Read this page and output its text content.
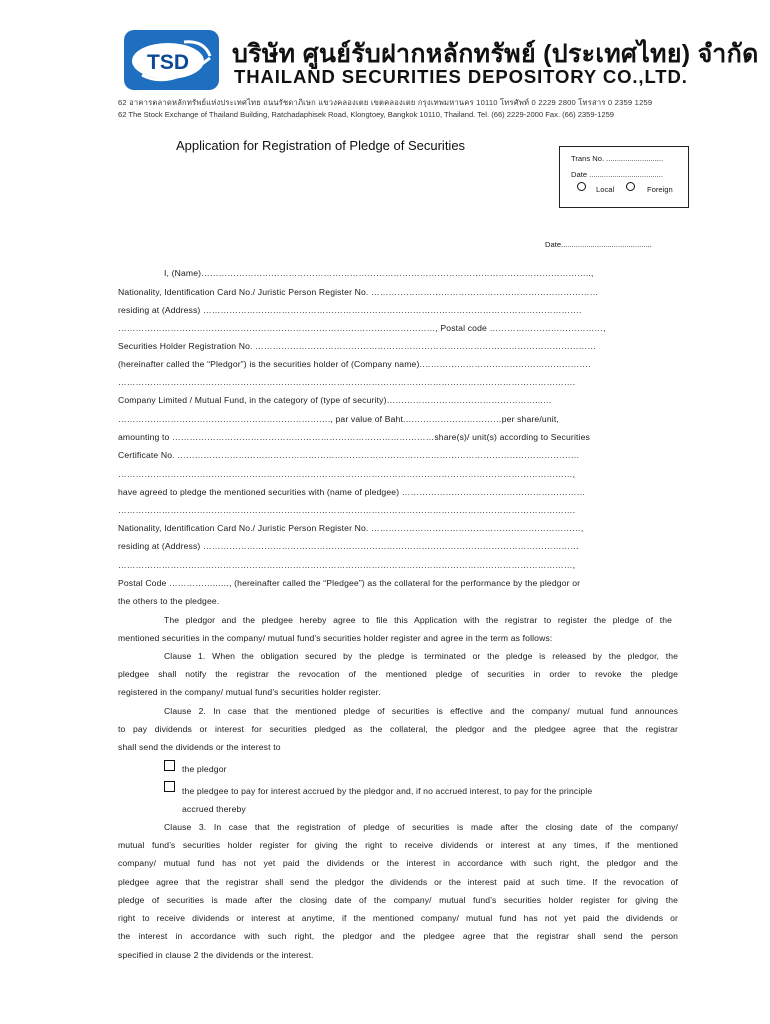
TSD บริษัท ศูนย์รับฝากหลักทรัพย์ (ประเทศไทย) จำกัด
THAILAND SECURITIES DEPOSITORY CO.,LTD.
62 อาคารตลาดหลักทรัพย์แห่งประเทศไทย ถนนรัชดาภิเษก แขวงคลองเตย เขตคลองเตย กรุงเทพมหานคร 10110 โทรศัพท์ 0 2229 2800 โทรสาร 0 2359 1259
62 The Stock Exchange of Thailand Building, Ratchadaphisek Road, Klongtoey, Bangkok 10110, Thailand. Tel. (66) 2229-2000 Fax. (66) 2359-1259
Application for Registration of Pledge of Securities
Trans No. ...........................
Date ...................................
Local	Foreign
Date...........................................
I, (Name)……………………………………………………………………………………………………………………..,
Nationality, Identification Card No./ Juristic Person Register No. ……………………………………………………………………
residing at (Address) ………………………………………………………………………………………………………………….
……………………………………………………………………….………………………, Postal code …………………………………,
Securities Holder Registration No. ………………………………………………………………………………………………………
(hereinafter called the “Pledgor”) is the securities holder of (Company name).………………………………………………….
………………………………………………………………………………………………………………………………………….
Company Limited / Mutual Fund, in the category of (type of security)……………………………………………...…
………………………………………………………………., par value of Baht.……………………………per share/unit,
amounting to ………………………………………………………………………………share(s)/ unit(s) according to Securities
Certificate No. …………………………………………………………………………………………………………………………
…………………………………………………………………………………………………………………………………………,
have agreed to pledge the mentioned securities with (name of pledgee) ………………………………………………………
………………………………………………………………………………………………………………………………………….
Nationality, Identification Card No./ Juristic Person Register No. ………………………………………………………………,
residing at (Address) …………………………………………………………………………………………………………………
…………………………………………………………………………………………………………………………………………,
Postal Code ……………..…., (hereinafter called the “Pledgee”) as the collateral for the performance by the pledgor or
the others to the pledgee.
The pledgor and the pledgee hereby agree to file this Application with the registrar to register the pledge of the
mentioned securities in the company/ mutual fund’s securities holder register and agree in the term as follows:
Clause 1. When the obligation secured by the pledge is terminated or the pledge is released by the pledgor, the
pledgee shall notify the registrar the revocation of the mentioned pledge of securities in order to revoke the pledge
registered in the company/ mutual fund’s securities holder register.
Clause 2. In case that the mentioned pledge of securities is effective and the company/ mutual fund announces
to pay dividends or interest for securities pledged as the collateral, the pledgor and the pledgee agree that the registrar
shall send the dividends or the interest to
the pledgor
the pledgee to pay for interest accrued by the pledgor and, if no accrued interest, to pay for the principle
accrued thereby
Clause 3. In case that the registration of pledge of securities is made after the closing date of the company/
mutual fund’s securities holder register for giving the right to receive dividends or interest at any times, if the mentioned
company/ mutual fund has not yet paid the dividends or the interest in accordance with such right, the pledgor and the
pledgee agree that the registrar shall send the pledgor the dividends or the interest paid at such time. If the revocation of
pledge of securities is made after the closing date of the company/ mutual fund’s securities holder register for giving the
right to receive dividends or interest at anytime, if the mentioned company/ mutual fund has not yet paid the dividends or
the interest in accordance with such right, the pledgor and the pledgee agree that the registrar shall send the person
specified in clause 2 the dividends or the interest.
